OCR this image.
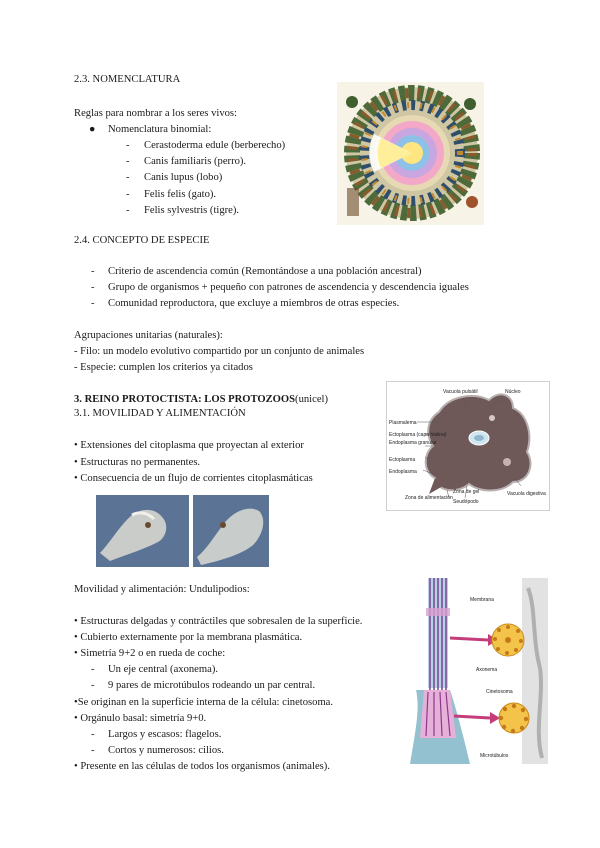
2.3. NOMENCLATURA
Reglas para nombrar a los seres vivos:
● Nomenclatura binomial:
- Cerastoderma edule (berberecho)
- Canis familiaris (perro).
- Canis lupus (lobo)
- Felis felis (gato).
- Felis sylvestris (tigre).
2.4. CONCEPTO DE ESPECIE
- Criterio de ascendencia común (Remontándose a una población ancestral)
- Grupo de organismos + pequeño con patrones de ascendencia y descendencia iguales
- Comunidad reproductora, que excluye a miembros de otras especies.
Agrupaciones unitarias (naturales):
- Filo: un modelo evolutivo compartido por un conjunto de animales
- Especie: cumplen los criterios ya citados
3. REINO PROTOCTISTA: LOS PROTOZOOS(unicel)
3.1. MOVILIDAD Y ALIMENTACIÓN
• Extensiones del citoplasma que proyectan al exterior
• Estructuras no permanentes.
• Consecuencia de un flujo de corrientes citoplasmáticas
Movilidad y alimentación: Undulipodios:
• Estructuras delgadas y contráctiles que sobresalen de la superficie.
• Cubierto externamente por la membrana plasmática.
• Simetría 9+2 o en rueda de coche:
- Un eje central (axonema).
- 9 pares de microtúbulos rodeando un par central.
•Se originan en la superficie interna de la célula: cinetosoma.
• Orgánulo basal: simetría 9+0.
- Largos y escasos: flagelos.
- Cortos y numerosos: cilios.
• Presente en las células de todos los organismos (animales).
Vacuola pulsátil	Núcleo
Plasmalema
Ectoplasma (capa hialina)
Endoplasma granular
Ectoplasma
Endoplasma
Zona de alimentación
Seudópodo
Zona de gel	Vacuola digestiva
Membrana
Axonema
Cinetosoma
Microtúbulos
